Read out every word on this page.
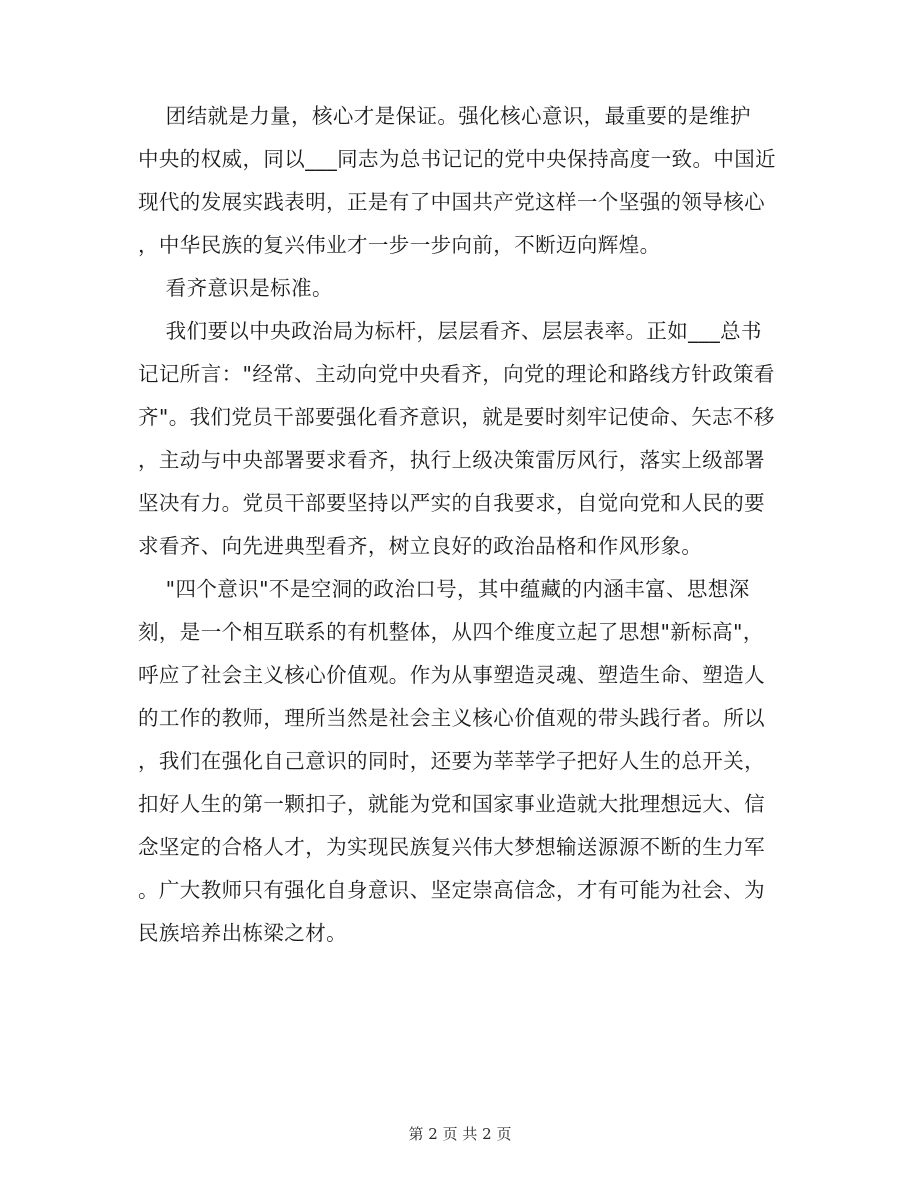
团结就是力量，核心才是保证。强化核心意识，最重要的是维护
中央的权威，同以___同志为总书记记的党中央保持高度一致。中国近
现代的发展实践表明，正是有了中国共产党这样一个坚强的领导核心
，中华民族的复兴伟业才一步一步向前，不断迈向辉煌。
看齐意识是标准。
我们要以中央政治局为标杆，层层看齐、层层表率。正如___总书
记记所言："经常、主动向党中央看齐，向党的理论和路线方针政策看
齐"。我们党员干部要强化看齐意识，就是要时刻牢记使命、矢志不移
，主动与中央部署要求看齐，执行上级决策雷厉风行，落实上级部署
坚决有力。党员干部要坚持以严实的自我要求，自觉向党和人民的要
求看齐、向先进典型看齐，树立良好的政治品格和作风形象。
"四个意识"不是空洞的政治口号，其中蕴藏的内涵丰富、思想深
刻，是一个相互联系的有机整体，从四个维度立起了思想"新标高"，
呼应了社会主义核心价值观。作为从事塑造灵魂、塑造生命、塑造人
的工作的教师，理所当然是社会主义核心价值观的带头践行者。所以
，我们在强化自己意识的同时，还要为莘莘学子把好人生的总开关，
扣好人生的第一颗扣子，就能为党和国家事业造就大批理想远大、信
念坚定的合格人才，为实现民族复兴伟大梦想输送源源不断的生力军
。广大教师只有强化自身意识、坚定崇高信念，才有可能为社会、为
民族培养出栋梁之材。
第 2 页 共 2 页
